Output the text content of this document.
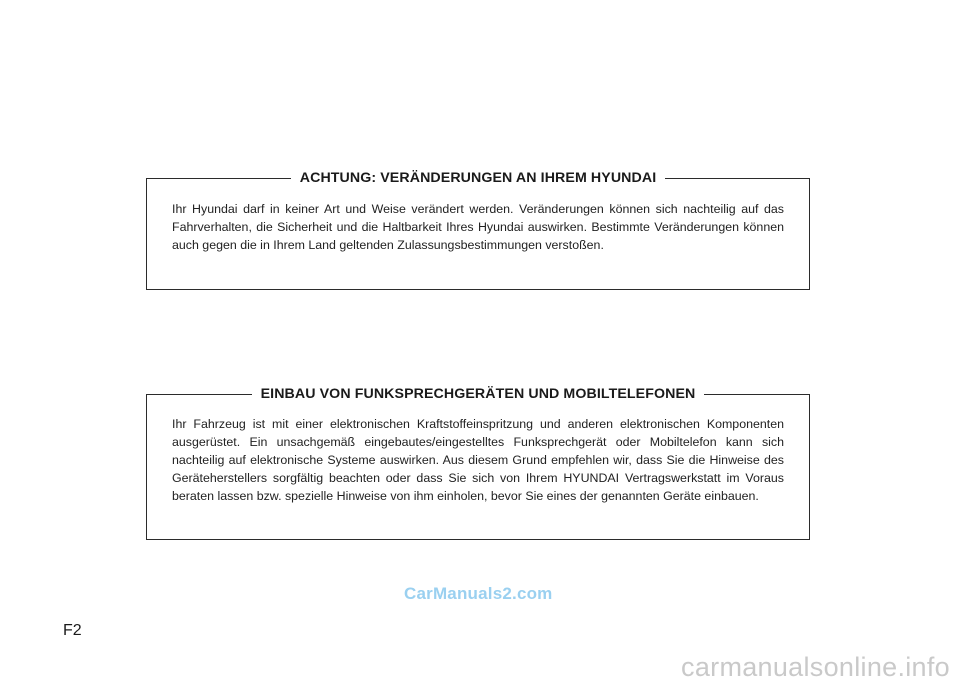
ACHTUNG: VERÄNDERUNGEN AN IHREM HYUNDAI

Ihr Hyundai darf in keiner Art und Weise verändert werden. Veränderungen können sich nachteilig auf das Fahrverhalten, die Sicherheit und die Haltbarkeit Ihres Hyundai auswirken. Bestimmte Veränderungen können auch gegen die in Ihrem Land geltenden Zulassungsbestimmungen verstoßen.

EINBAU VON FUNKSPRECHGERÄTEN UND MOBILTELEFONEN

Ihr Fahrzeug ist mit einer elektronischen Kraftstoffeinspritzung und anderen elektronischen Komponenten ausgerüstet. Ein unsachgemäß eingebautes/eingestelltes Funksprechgerät oder Mobiltelefon kann sich nachteilig auf elektronische Systeme auswirken. Aus diesem Grund empfehlen wir, dass Sie die Hinweise des Geräteherstellers sorgfältig beachten oder dass Sie sich von Ihrem HYUNDAI Vertragswerkstatt im Voraus beraten lassen bzw. spezielle Hinweise von ihm einholen, bevor Sie eines der genannten Geräte einbauen.

CarManuals2.com
F2
carmanualsonline.info
